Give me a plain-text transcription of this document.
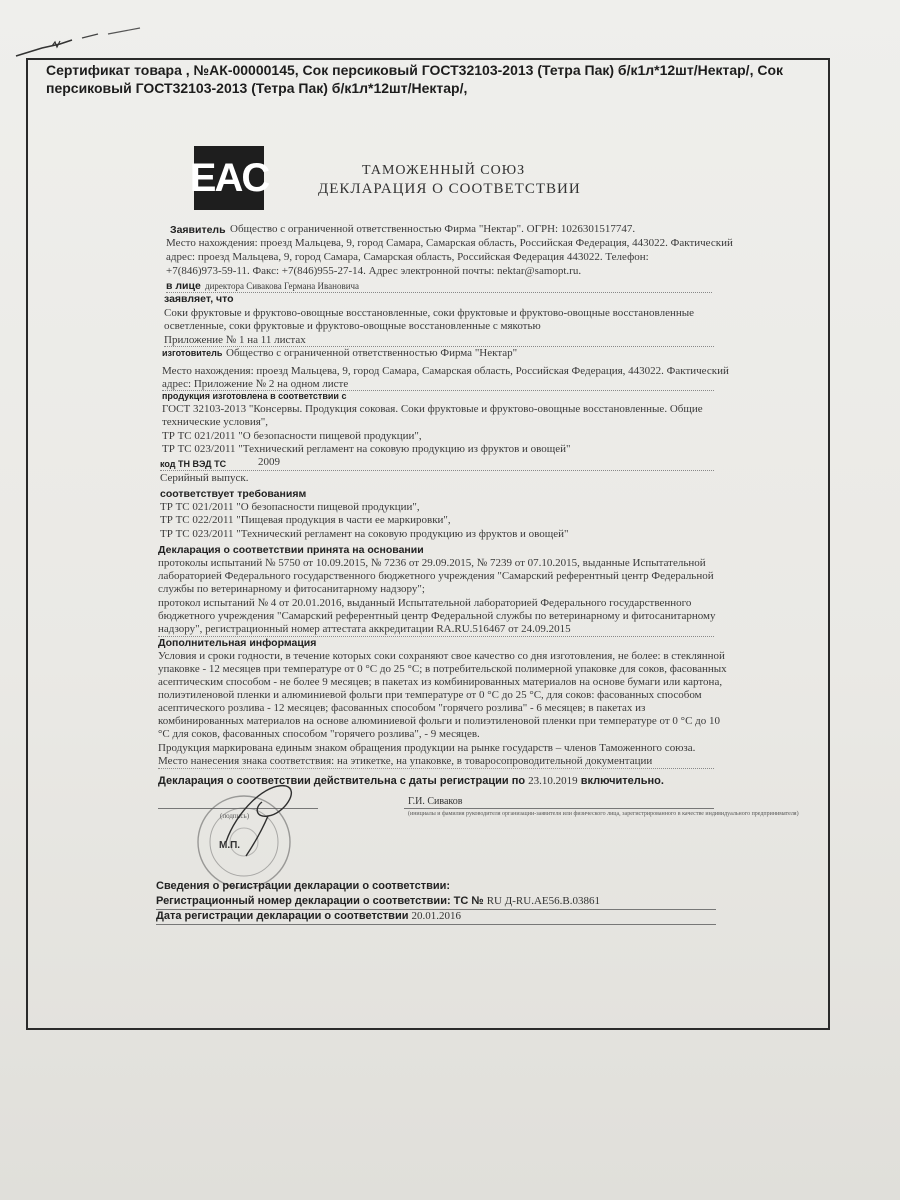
Сертификат товара , №АК-00000145, Сок персиковый ГОСТ32103-2013 (Тетра Пак) б/к1л*12шт/Нектар/, Сок
персиковый ГОСТ32103-2013 (Тетра Пак) б/к1л*12шт/Нектар/,
EAC	ТАМОЖЕННЫЙ СОЮЗ
ДЕКЛАРАЦИЯ О СООТВЕТСТВИИ
Заявитель Общество с ограниченной ответственностью Фирма "Нектар". ОГРН: 1026301517747.
Место нахождения: проезд Мальцева, 9, город Самара, Самарская область, Российская Федерация, 443022. Фактический
адрес: проезд Мальцева, 9, город Самара, Самарская область, Российская Федерация 443022. Телефон:
+7(846)973-59-11. Факс: +7(846)955-27-14. Адрес электронной почты: nektar@samopt.ru.
в лице директора Сивакова Германа Ивановича
заявляет, что
Соки фруктовые и фруктово-овощные восстановленные, соки фруктовые и фруктово-овощные восстановленные
осветленные, соки фруктовые и фруктово-овощные восстановленные с мякотью
Приложение № 1 на 11 листах
изготовитель Общество с ограниченной ответственностью Фирма "Нектар"
Место нахождения: проезд Мальцева, 9, город Самара, Самарская область, Российская Федерация, 443022. Фактический
адрес: Приложение № 2 на одном листе
продукция изготовлена в соответствии с
ГОСТ 32103-2013 "Консервы. Продукция соковая. Соки фруктовые и фруктово-овощные восстановленные. Общие
технические условия",
ТР ТС 021/2011 "О безопасности пищевой продукции",
ТР ТС 023/2011 "Технический регламент на соковую продукцию из фруктов и овощей"
код ТН ВЭД ТС	2009
Серийный выпуск.
соответствует требованиям
ТР ТС 021/2011 "О безопасности пищевой продукции",
ТР ТС 022/2011 "Пищевая продукция в части ее маркировки",
ТР ТС 023/2011 "Технический регламент на соковую продукцию из фруктов и овощей"
Декларация о соответствии принята на основании
протоколы испытаний № 5750 от 10.09.2015, № 7236 от 29.09.2015, № 7239 от 07.10.2015, выданные Испытательной
лабораторией Федерального государственного бюджетного учреждения "Самарский референтный центр Федеральной
службы по ветеринарному и фитосанитарному надзору";
протокол испытаний № 4 от 20.01.2016, выданный Испытательной лабораторией Федерального государственного
бюджетного учреждения "Самарский референтный центр Федеральной службы по ветеринарному и фитосанитарному
надзору", регистрационный номер аттестата аккредитации RA.RU.516467 от 24.09.2015
Дополнительная информация
Условия и сроки годности, в течение которых соки сохраняют свое качество со дня изготовления, не более: в стеклянной
упаковке - 12 месяцев при температуре от 0 °С до 25 °С; в потребительской полимерной упаковке для соков, фасованных
асептическим способом - не более 9 месяцев; в пакетах из комбинированных материалов на основе бумаги или картона,
полиэтиленовой пленки и алюминиевой фольги при температуре от 0 °С до 25 °С, для соков: фасованных способом
асептического розлива - 12 месяцев; фасованных способом "горячего розлива" - 6 месяцев; в пакетах из
комбинированных материалов на основе алюминиевой фольги и полиэтиленовой пленки при температуре от 0 °С до 10
°С для соков, фасованных способом "горячего розлива", - 9 месяцев.
Продукция маркирована единым знаком обращения продукции на рынке государств – членов Таможенного союза.
Место нанесения знака соответствия: на этикетке, на упаковке, в товаросопроводительной документации
Декларация о соответствии действительна с даты регистрации по 23.10.2019 включительно.
(подпись)
М.П.
Г.И. Сиваков
(инициалы и фамилия руководителя организации-заявителя или физического лица, зарегистрированного в качестве индивидуального предпринимателя)
Сведения о регистрации декларации о соответствии:
Регистрационный номер декларации о соответствии: ТС № RU Д-RU.АЕ56.В.03861
Дата регистрации декларации о соответствии 20.01.2016
